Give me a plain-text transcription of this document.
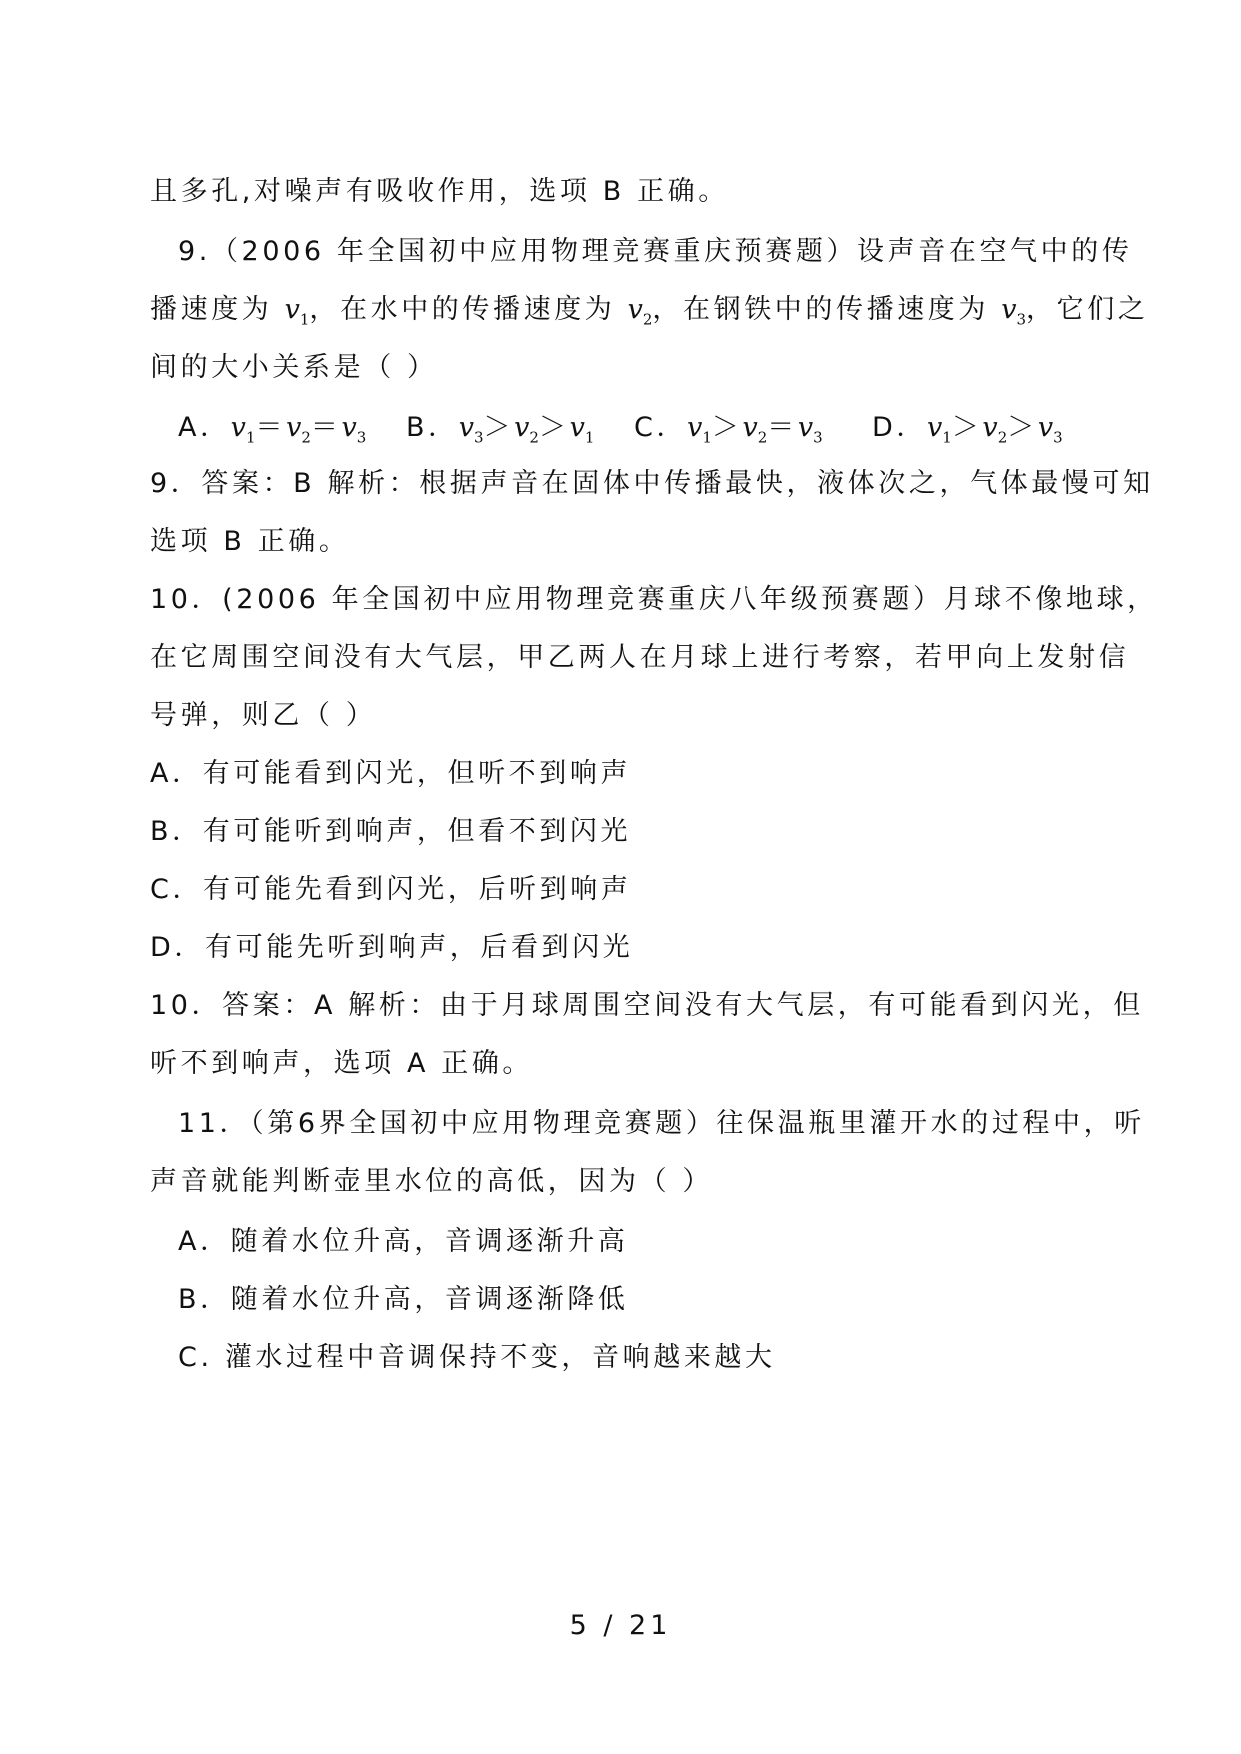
且多孔,对噪声有吸收作用，选项 B 正确。
9.（2006 年全国初中应用物理竞赛重庆预赛题）设声音在空气中的传
播速度为 $v_1$，在水中的传播速度为 $v_2$，在钢铁中的传播速度为 $v_3$，它们之
间的大小关系是（ ）
A．$v_1=v_2=v_3$ B．$v_3>v_2>v_1$ C．$v_1>v_2=v_3$ D．$v_1>v_2>v_3$
9．答案：B 解析：根据声音在固体中传播最快，液体次之，气体最慢可知
选项 B 正确。
10．(2006 年全国初中应用物理竞赛重庆八年级预赛题）月球不像地球，
在它周围空间没有大气层，甲乙两人在月球上进行考察，若甲向上发射信
号弹，则乙（ ）
A．有可能看到闪光，但听不到响声
B．有可能听到响声，但看不到闪光
C．有可能先看到闪光，后听到响声
D．有可能先听到响声，后看到闪光
10．答案：A 解析：由于月球周围空间没有大气层，有可能看到闪光，但
听不到响声，选项 A 正确。
11．（第6界全国初中应用物理竞赛题）往保温瓶里灌开水的过程中，听
声音就能判断壶里水位的高低，因为（ ）
A．随着水位升高，音调逐渐升高
B．随着水位升高，音调逐渐降低
C. 灌水过程中音调保持不变，音响越来越大
5 / 21
